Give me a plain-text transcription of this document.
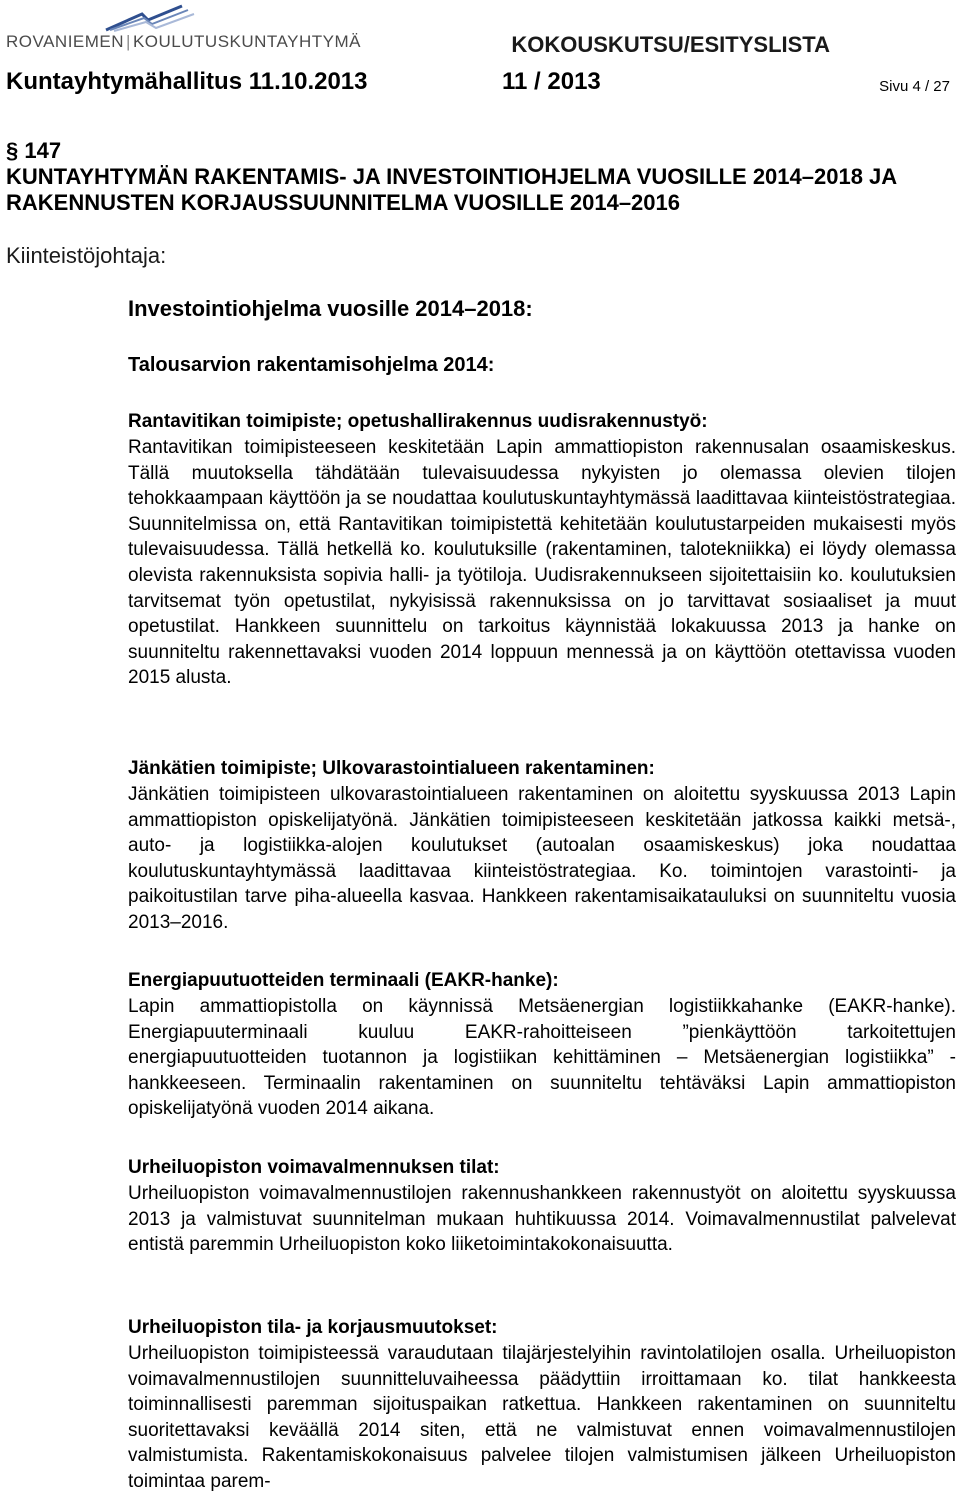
ROVANIEMEN | KOULUTUSKUNTAYHTYMÄ	KOKOUSKUTSU/ESITYSLISTA
Kuntayhtymähallitus 11.10.2013	11 / 2013	Sivu 4 / 27

§ 147

KUNTAYHTYMÄN RAKENTAMIS- JA INVESTOINTIOHJELMA VUOSILLE 2014–2018 JA

RAKENNUSTEN KORJAUSSUUNNITELMA VUOSILLE 2014–2016

Kiinteistöjohtaja:

Investointiohjelma vuosille 2014–2018:

Talousarvion rakentamisohjelma 2014:

Rantavitikan toimipiste; opetushallirakennus uudisrakennustyö:

Rantavitikan toimipisteeseen keskitetään Lapin ammattiopiston rakennusalan osaamiskeskus. Tällä muutoksella tähdätään tulevaisuudessa nykyisten jo olemassa olevien tilojen tehokkaampaan käyttöön ja se noudattaa koulutuskuntayhtymässä laadittavaa kiinteistöstrategiaa. Suunnitelmissa on, että Rantavitikan toimipistettä kehitetään koulutustarpeiden mukaisesti myös tulevaisuudessa. Tällä hetkellä ko. koulutuksille (rakentaminen, talotekniikka) ei löydy olemassa olevista rakennuksista sopivia halli- ja työtiloja. Uudisrakennukseen sijoitettaisiin ko. koulutuksien tarvitsemat työn opetustilat, nykyisissä rakennuksissa on jo tarvittavat sosiaaliset ja muut opetustilat. Hankkeen suunnittelu on tarkoitus käynnistää lokakuussa 2013 ja hanke on suunniteltu rakennettavaksi vuoden 2014 loppuun mennessä ja on käyttöön otettavissa vuoden 2015 alusta.

Jänkätien toimipiste; Ulkovarastointialueen rakentaminen:

Jänkätien toimipisteen ulkovarastointialueen rakentaminen on aloitettu syyskuussa 2013 Lapin ammattiopiston opiskelijatyönä. Jänkätien toimipisteeseen keskitetään jatkossa kaikki metsä-, auto- ja logistiikka-alojen koulutukset (autoalan osaamiskeskus) joka noudattaa koulutuskuntayhtymässä laadittavaa kiinteistöstrategiaa. Ko. toimintojen varastointi- ja paikoitustilan tarve piha-alueella kasvaa. Hankkeen rakentamisaikatauluksi on suunniteltu vuosia 2013–2016.

Energiapuutuotteiden terminaali (EAKR-hanke):

Lapin ammattiopistolla on käynnissä Metsäenergian logistiikkahanke (EAKR-hanke). Energiapuuterminaali kuuluu EAKR-rahoitteiseen ”pienkäyttöön tarkoitettujen energiapuutuotteiden tuotannon ja logistiikan kehittäminen – Metsäenergian logistiikka” -hankkeeseen. Terminaalin rakentaminen on suunniteltu tehtäväksi Lapin ammattiopiston opiskelijatyönä vuoden 2014 aikana.

Urheiluopiston voimavalmennuksen tilat:

Urheiluopiston voimavalmennustilojen rakennushankkeen rakennustyöt on aloitettu syyskuussa 2013 ja valmistuvat suunnitelman mukaan huhtikuussa 2014. Voimavalmennustilat palvelevat entistä paremmin Urheiluopiston koko liiketoimintakokonaisuutta.

Urheiluopiston tila- ja korjausmuutokset:

Urheiluopiston toimipisteessä varaudutaan tilajärjestelyihin ravintolatilojen osalla. Urheiluopiston voimavalmennustilojen suunnitteluvaiheessa päädyttiin irroittamaan ko. tilat hankkeesta toiminnallisesti paremman sijoituspaikan ratkettua. Hankkeen rakentaminen on suunniteltu suoritettavaksi keväällä 2014 siten, että ne valmistuvat ennen voimavalmennustilojen valmistumista. Rakentamiskokonaisuus palvelee tilojen valmistumisen jälkeen Urheiluopiston toimintaa parem-
